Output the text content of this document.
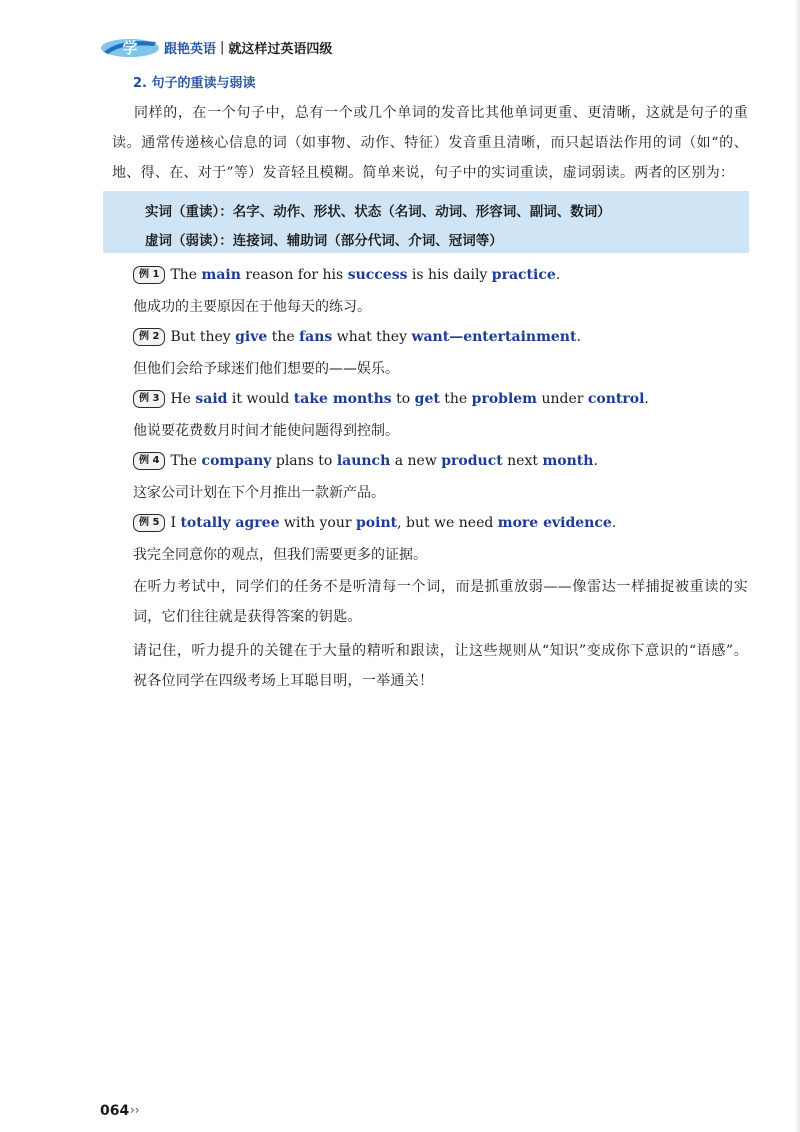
学 跟艳英语 | 就这样过英语四级
2. 句子的重读与弱读
同样的，在一个句子中，总有一个或几个单词的发音比其他单词更重、更清晰，这就是句子的重读。通常传递核心信息的词（如事物、动作、特征）发音重且清晰，而只起语法作用的词（如“的、地、得、在、对于”等）发音轻且模糊。简单来说，句子中的实词重读，虚词弱读。两者的区别为：
实词（重读）：名字、动作、形状、状态（名词、动词、形容词、副词、数词）
虚词（弱读）：连接词、辅助词（部分代词、介词、冠词等）
例 1 The main reason for his success is his daily practice.
他成功的主要原因在于他每天的练习。
例 2 But they give the fans what they want—entertainment.
但他们会给予球迷们他们想要的——娱乐。
例 3 He said it would take months to get the problem under control.
他说要花费数月时间才能使问题得到控制。
例 4 The company plans to launch a new product next month.
这家公司计划在下个月推出一款新产品。
例 5 I totally agree with your point, but we need more evidence.
我完全同意你的观点，但我们需要更多的证据。
在听力考试中，同学们的任务不是听清每一个词，而是抓重放弱——像雷达一样捕捉被重读的实词，它们往往就是获得答案的钥匙。
请记住，听力提升的关键在于大量的精听和跟读，让这些规则从“知识”变成你下意识的“语感”。祝各位同学在四级考场上耳聪目明，一举通关！
064 ››
